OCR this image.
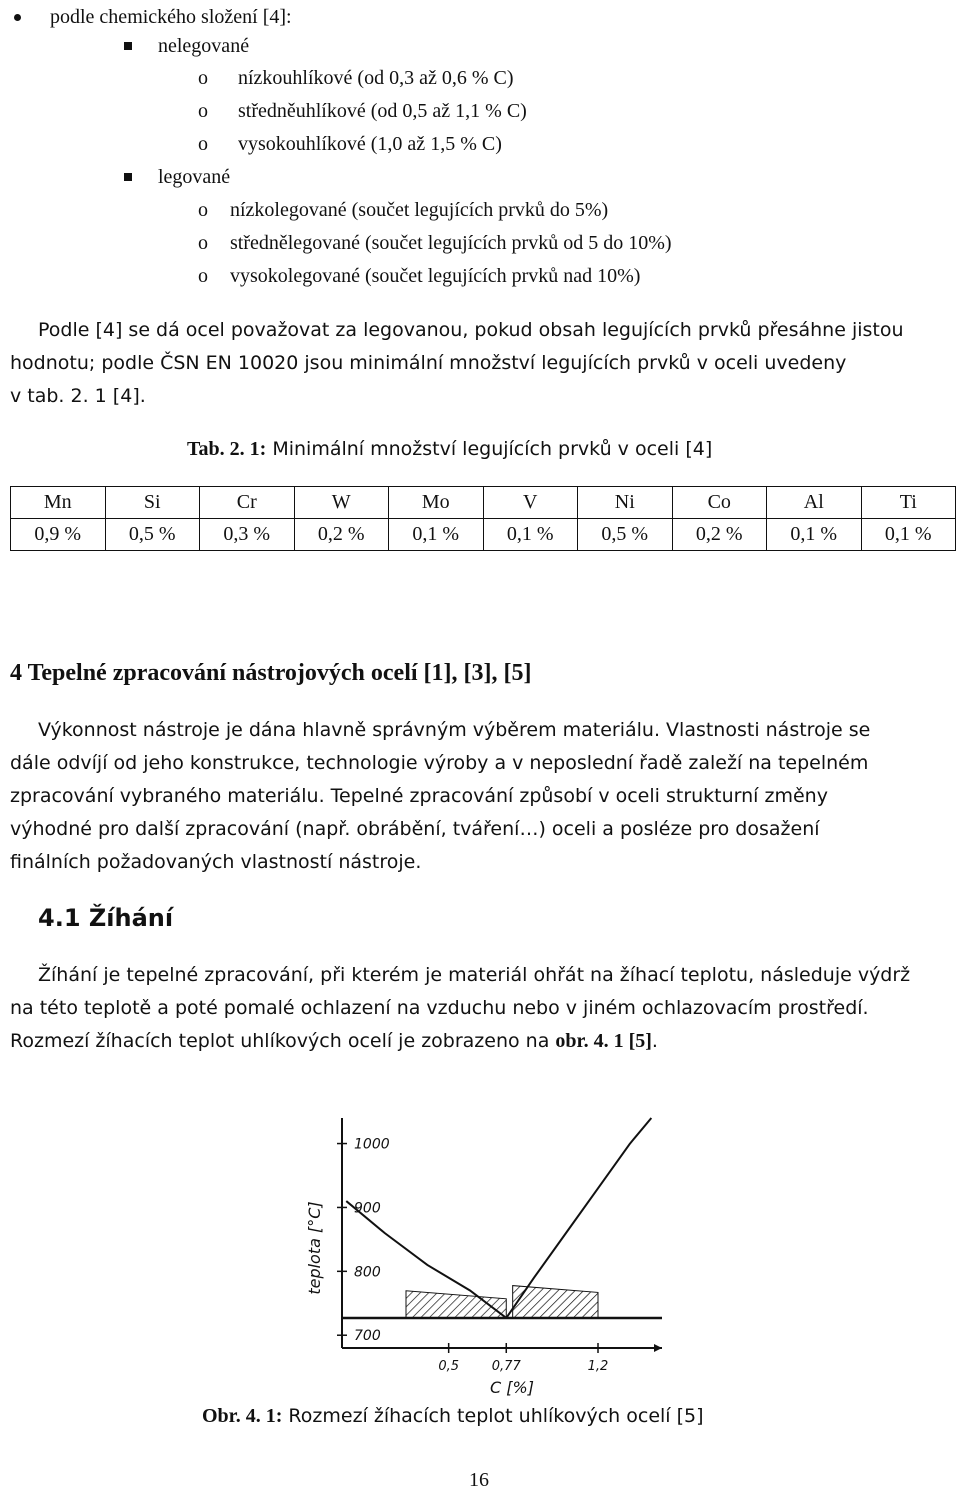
podle chemického složení [4]:
nelegované
o nízkouhlíkové (od 0,3 až 0,6 % C)
o středněuhlíkové (od 0,5 až 1,1 % C)
o vysokouhlíkové (1,0 až 1,5 % C)
legované
o nízkolegované (součet legujících prvků do 5%)
o střednělegované (součet legujících prvků od 5 do 10%)
o vysokolegované (součet legujících prvků nad 10%)
Podle [4] se dá ocel považovat za legovanou, pokud obsah legujících prvků přesáhne jistou
hodnotu; podle ČSN EN 10020 jsou minimální množství legujících prvků v oceli uvedeny
v tab. 2. 1 [4].
Tab. 2. 1: Minimální množství legujících prvků v oceli [4]
Mn	Si	Cr	W	Mo	V	Ni	Co	Al	Ti
0,9 %	0,5 %	0,3 %	0,2 %	0,1 %	0,1 %	0,5 %	0,2 %	0,1 %	0,1 %
4 Tepelné zpracování nástrojových ocelí [1], [3], [5]
Výkonnost nástroje je dána hlavně správným výběrem materiálu. Vlastnosti nástroje se
dále odvíjí od jeho konstrukce, technologie výroby a v neposlední řadě zaleží na tepelném
zpracování vybraného materiálu. Tepelné zpracování způsobí v oceli strukturní změny
výhodné pro další zpracování (např. obrábění, tváření…) oceli a posléze pro dosažení
finálních požadovaných vlastností nástroje.
4.1 Žíhání
Žíhání je tepelné zpracování, při kterém je materiál ohřát na žíhací teplotu, následuje výdrž
na této teplotě a poté pomalé ochlazení na vzduchu nebo v jiném ochlazovacím prostředí.
Rozmezí žíhacích teplot uhlíkových ocelí je zobrazeno na obr. 4. 1 [5].
700
800
900
1000
0,5	0,77	1,2
teplota [°C]
C [%]
Obr. 4. 1: Rozmezí žíhacích teplot uhlíkových ocelí [5]
16
